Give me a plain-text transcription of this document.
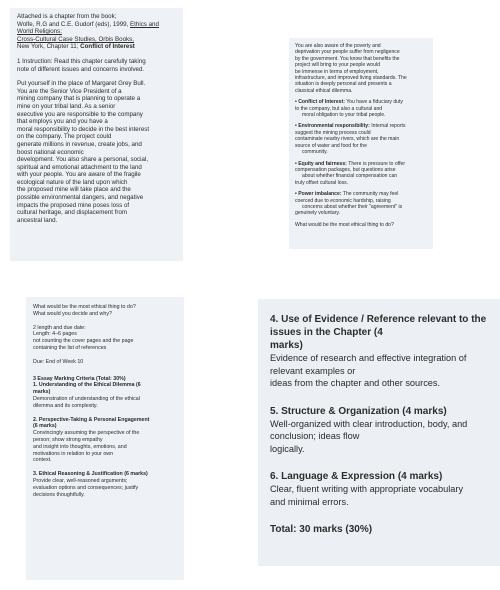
Attached is a chapter from the book;
Wolfe, R.G and C.E. Gudorf (eds), 1999, Ethics and
World Religions:
Cross-Cultural Case Studies, Orbis Books,
New York, Chapter 11; Conflict of Interest
1 Instruction: Read this chapter carefully taking
note of different issues and concerns involved.
Put yourself in the place of Margaret Grey Bull.
You are the Senior Vice President of a
mining company that is planning to operate a
mine on your tribal land. As a senior
executive you are responsible to the company
that employs you and you have a
moral responsibility to decide in the best interest
on the company. The project could
generate millions in revenue, create jobs, and
boost national economic
development. You also share a personal, social,
spiritual and emotional attachment to the land
with your people. You are aware of the fragile
ecological nature of the land upon which
the proposed mine will take place and the
possible environmental dangers, and negative
impacts the proposed mine poses loss of
cultural heritage, and displacement from
ancestral land.
You are also aware of the poverty and
deprivation your people suffer from negligence
by the government. You know that benefits the
project will bring to your people would
be immense in terms of employment,
infrastructure, and improved living standards. The
situation is deeply personal and presents a
classical ethical dilemma.
• Conflict of Interest: You have a fiduciary duty
to the company, but also a cultural and
moral obligation to your tribal people.
• Environmental responsibility: Internal reports
suggest the mining process could
contaminate nearby rivers, which are the main
source of water and food for the
community.
• Equity and fairness: There is pressure to offer
compensation packages, but questions arise
about whether financial compensation can
truly offset cultural loss.
• Power imbalance: The community may feel
coerced due to economic hardship, raising
concerns about whether their "agreement" is
genuinely voluntary.
What would be the most ethical thing to do?
What would be the most ethical thing to do?
What would you decide and why?
2 length and due date:
Length: 4–6 pages
not counting the cover pages and the page
containing the list of references
Due: End of Week 10
3 Essay Marking Criteria (Total: 30%)
1. Understanding of the Ethical Dilemma (6
marks)
Demonstration of understanding of the ethical
dilemma and its complexity.
2. Perspective-Taking & Personal Engagement
(6 marks)
Convincingly assuming the perspective of the
person; show strong empathy
and insight into thoughts, emotions, and
motivations in relation to your own
context.
3. Ethical Reasoning & Justification (6 marks)
Provide clear, well-reasoned arguments;
evaluation options and consequences; justify
decisions thoughtfully.
4. Use of Evidence / Reference relevant to the
issues in the Chapter (4
marks)
Evidence of research and effective integration of
relevant examples or
ideas from the chapter and other sources.
5. Structure & Organization (4 marks)
Well-organized with clear introduction, body, and
conclusion; ideas flow
logically.
6. Language & Expression (4 marks)
Clear, fluent writing with appropriate vocabulary
and minimal errors.
Total: 30 marks (30%)
